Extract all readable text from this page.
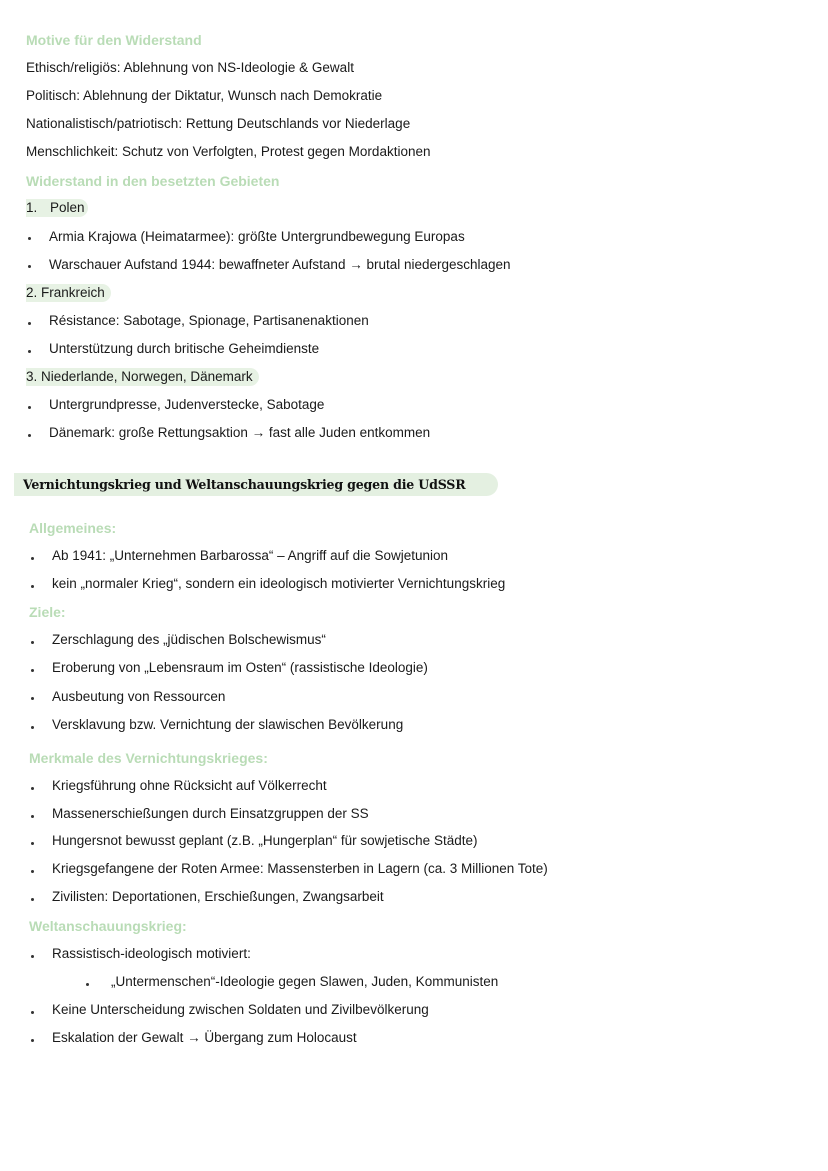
Motive für den Widerstand
Ethisch/religiös: Ablehnung von NS-Ideologie & Gewalt
Politisch: Ablehnung der Diktatur, Wunsch nach Demokratie
Nationalistisch/patriotisch: Rettung Deutschlands vor Niederlage
Menschlichkeit: Schutz von Verfolgten, Protest gegen Mordaktionen
Widerstand in den besetzten Gebieten
1. Polen
Armia Krajowa (Heimatarmee): größte Untergrundbewegung Europas
Warschauer Aufstand 1944: bewaffneter Aufstand → brutal niedergeschlagen
2. Frankreich
Résistance: Sabotage, Spionage, Partisanenaktionen
Unterstützung durch britische Geheimdienste
3. Niederlande, Norwegen, Dänemark
Untergrundpresse, Judenverstecke, Sabotage
Dänemark: große Rettungsaktion → fast alle Juden entkommen
Vernichtungskrieg und Weltanschauungskrieg gegen die UdSSR
Allgemeines:
Ab 1941: „Unternehmen Barbarossa“ – Angriff auf die Sowjetunion
kein „normaler Krieg“, sondern ein ideologisch motivierter Vernichtungskrieg
Ziele:
Zerschlagung des „jüdischen Bolschewismus“
Eroberung von „Lebensraum im Osten“ (rassistische Ideologie)
Ausbeutung von Ressourcen
Versklavung bzw. Vernichtung der slawischen Bevölkerung
Merkmale des Vernichtungskrieges:
Kriegsführung ohne Rücksicht auf Völkerrecht
Massenerschießungen durch Einsatzgruppen der SS
Hungersnot bewusst geplant (z.B. „Hungerplan“ für sowjetische Städte)
Kriegsgefangene der Roten Armee: Massensterben in Lagern (ca. 3 Millionen Tote)
Zivilisten: Deportationen, Erschießungen, Zwangsarbeit
Weltanschauungskrieg:
Rassistisch-ideologisch motiviert:
„Untermenschen“-Ideologie gegen Slawen, Juden, Kommunisten
Keine Unterscheidung zwischen Soldaten und Zivilbevölkerung
Eskalation der Gewalt → Übergang zum Holocaust
